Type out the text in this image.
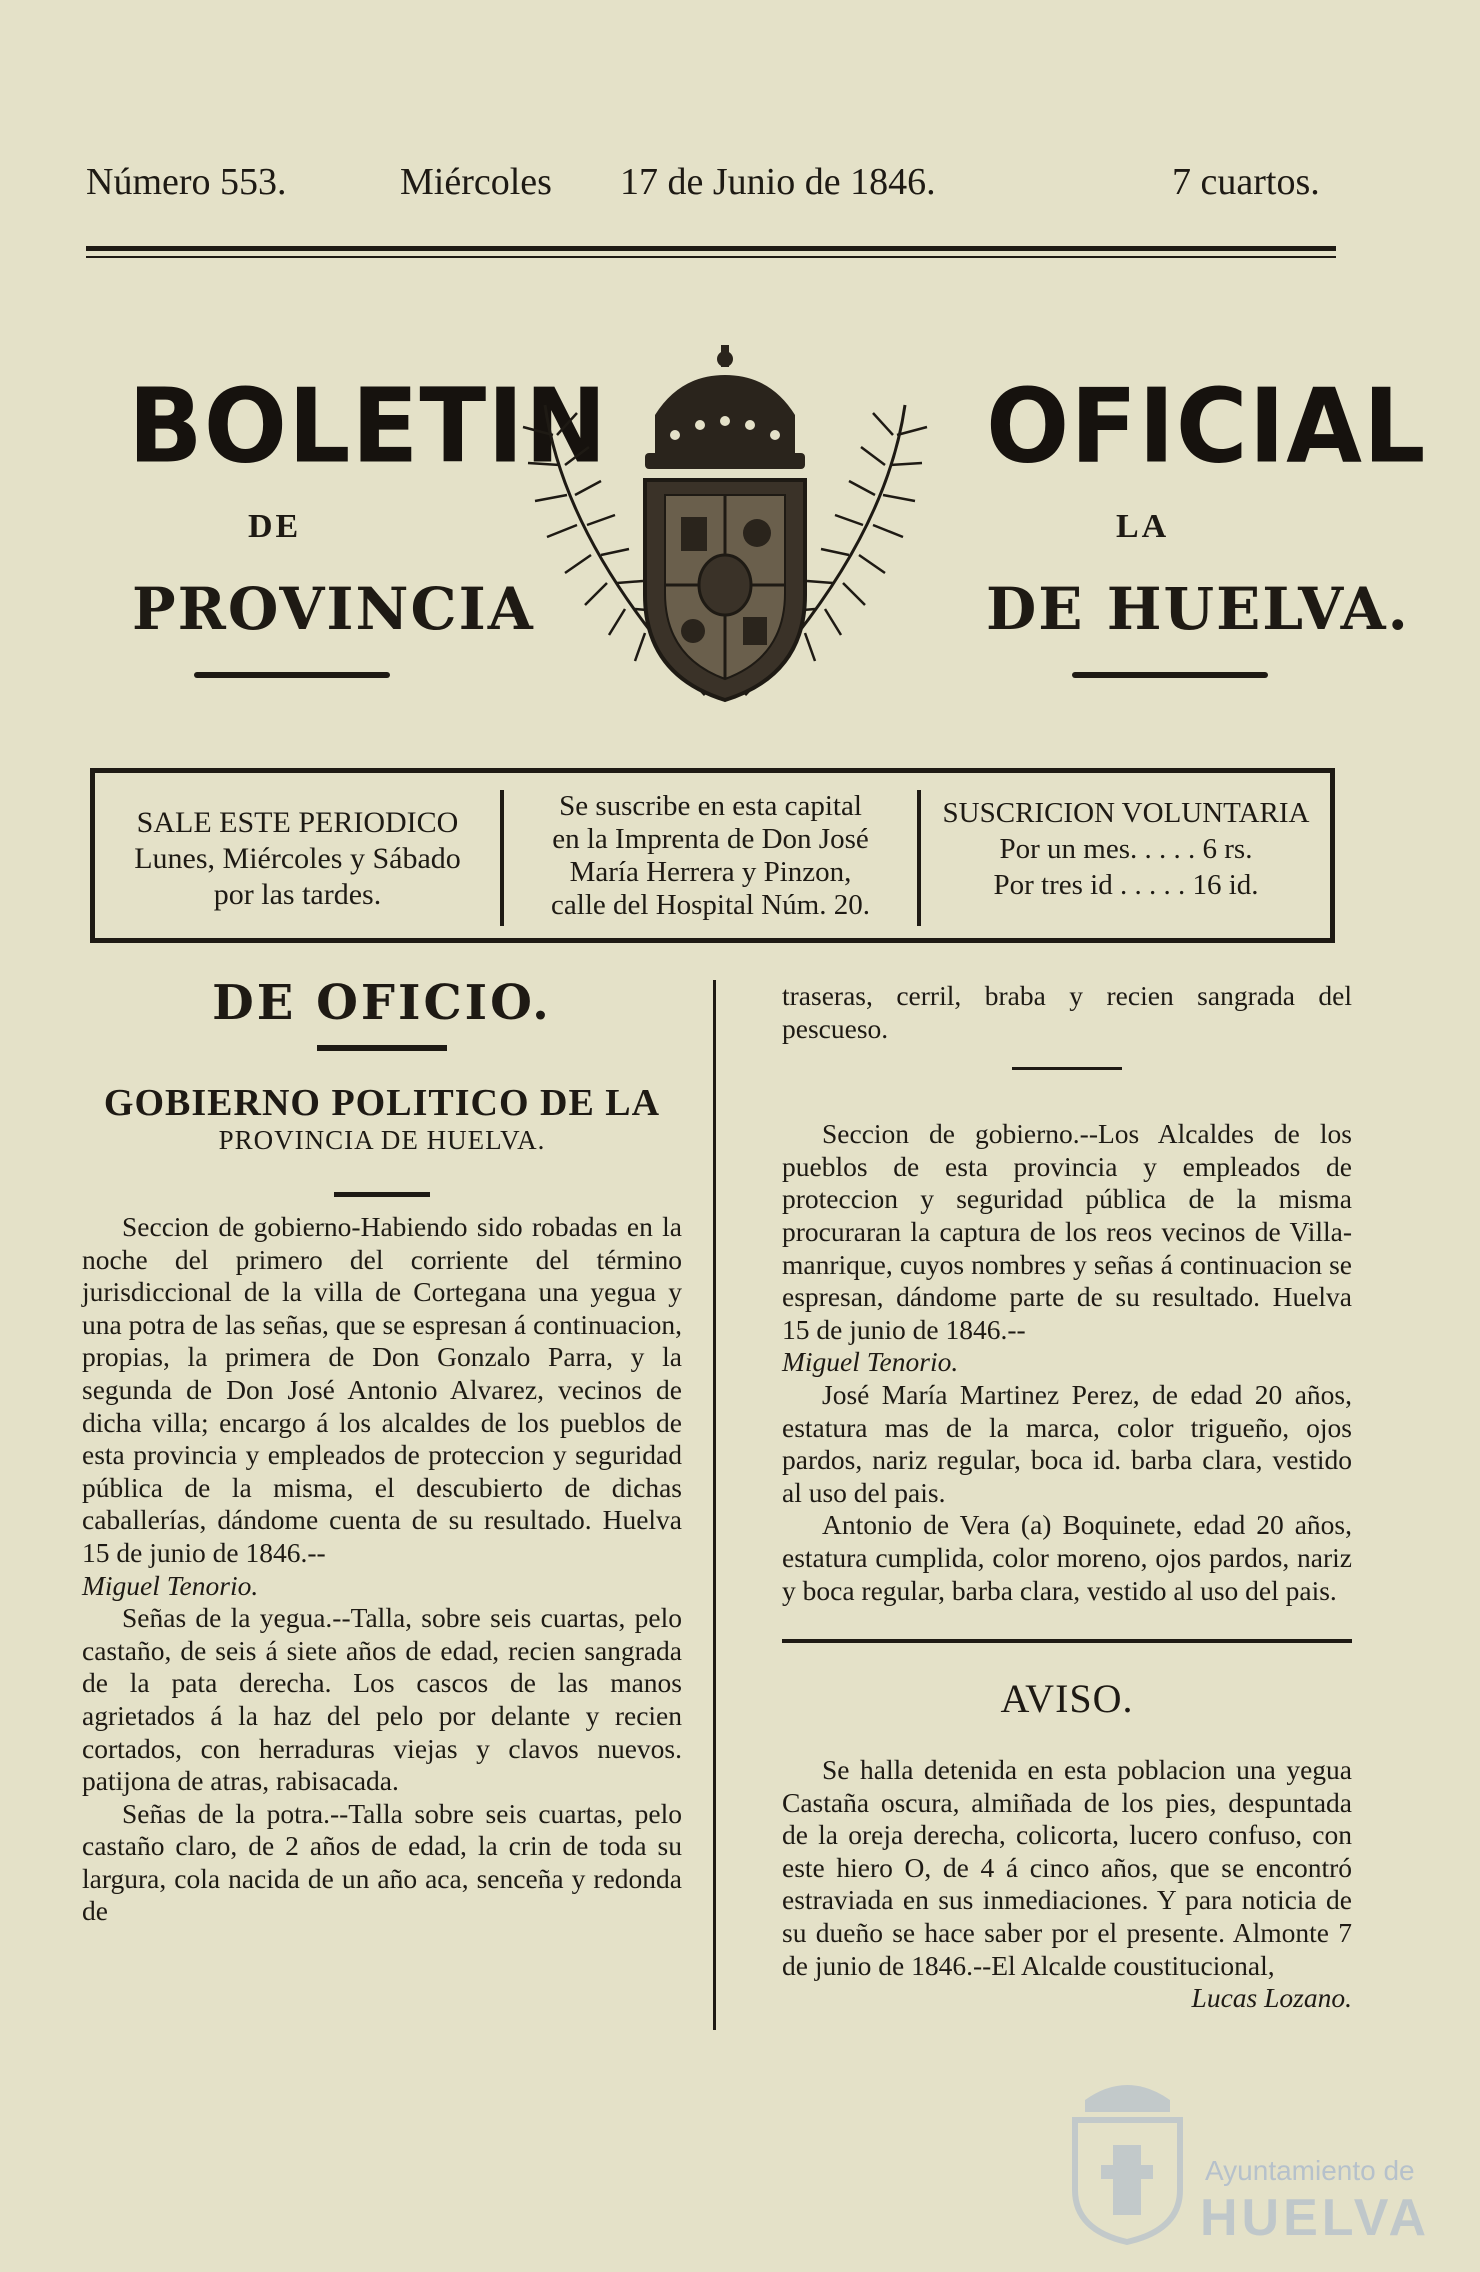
Número 553.	Miércoles 17 de Junio de 1846.	7 cuartos.
BOLETIN	OFICIAL
DE	LA
PROVINCIA	DE HUELVA.
SALE ESTE PERIODICO
Lunes, Miércoles y Sábado
por las tardes.
Se suscribe en esta capital
en la Imprenta de Don José
María Herrera y Pinzon,
calle del Hospital Núm. 20.
SUSCRICION VOLUNTARIA
Por un mes. . . . . 6 rs.
Por tres id . . . . . 16 id.
DE OFICIO.
GOBIERNO POLITICO DE LA
PROVINCIA DE HUELVA.

Seccion de gobierno-Habiendo sido robadas en la noche del primero del corriente del término jurisdiccional de la villa de Cortegana una yegua y una potra de las señas, que se espresan á continuacion, propias, la primera de Don Gonzalo Parra, y la segunda de Don José Antonio Alvarez, vecinos de dicha villa; encargo á los alcaldes de los pueblos de esta provincia y empleados de proteccion y seguridad pública de la misma, el descubierto de dichas caballerías, dándome cuenta de su resultado. Huelva 15 de junio de 1846.--

Miguel Tenorio.

Señas de la yegua.--Talla, sobre seis cuartas, pelo castaño, de seis á siete años de edad, recien sangrada de la pata derecha. Los cascos de las manos agrietados á la haz del pelo por delante y recien cortados, con herraduras viejas y clavos nuevos. patijona de atras, rabisacada.

Señas de la potra.--Talla sobre seis cuartas, pelo castaño claro, de 2 años de edad, la crin de toda su largura, cola nacida de un año aca, senceña y redonda de

traseras, cerril, braba y recien sangrada del pescueso.

Seccion de gobierno.--Los Alcaldes de los pueblos de esta provincia y empleados de proteccion y seguridad pública de la misma procuraran la captura de los reos vecinos de Villa-manrique, cuyos nombres y señas á continuacion se espresan, dándome parte de su resultado. Huelva 15 de junio de 1846.--

Miguel Tenorio.

José María Martinez Perez, de edad 20 años, estatura mas de la marca, color trigueño, ojos pardos, nariz regular, boca id. barba clara, vestido al uso del pais.

Antonio de Vera (a) Boquinete, edad 20 años, estatura cumplida, color moreno, ojos pardos, nariz y boca regular, barba clara, vestido al uso del pais.

AVISO.

Se halla detenida en esta poblacion una yegua Castaña oscura, almiñada de los pies, despuntada de la oreja derecha, colicorta, lucero confuso, con este hiero O, de 4 á cinco años, que se encontró estraviada en sus inmediaciones. Y para noticia de su dueño se hace saber por el presente. Almonte 7 de junio de 1846.--El Alcalde coustitucional,

Lucas Lozano.

Ayuntamiento de
HUELVA
